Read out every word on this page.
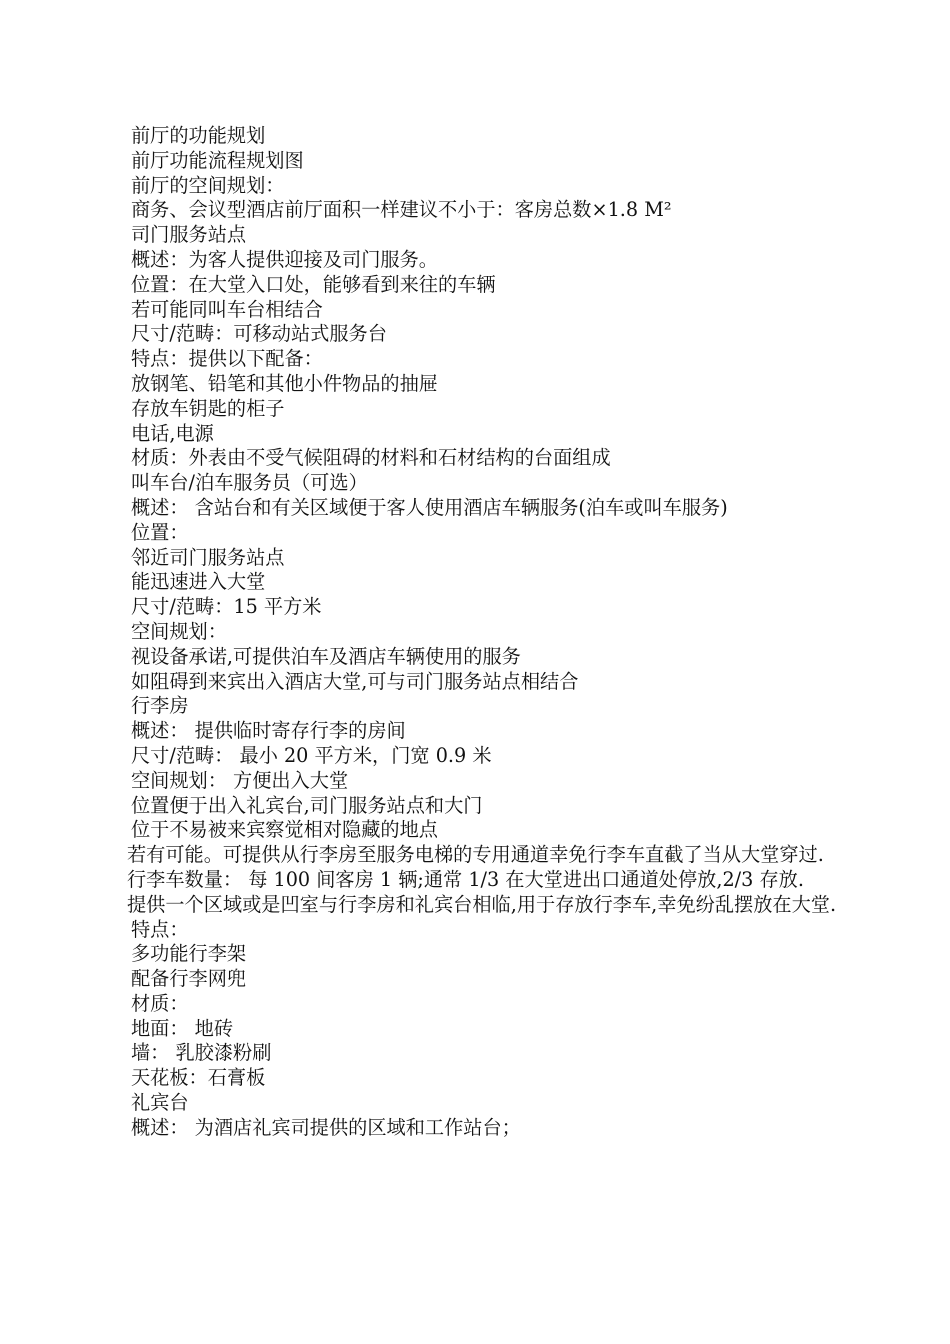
前厅的功能规划
前厅功能流程规划图
前厅的空间规划：
商务、会议型酒店前厅面积一样建议不小于：客房总数×1.8 M²
司门服务站点
概述：为客人提供迎接及司门服务。
位置：在大堂入口处，能够看到来往的车辆
若可能同叫车台相结合
尺寸/范畴：可移动站式服务台
特点：提供以下配备：
放钢笔、铅笔和其他小件物品的抽屉
存放车钥匙的柜子
电话,电源
材质：外表由不受气候阻碍的材料和石材结构的台面组成
叫车台/泊车服务员（可选）
概述： 含站台和有关区域便于客人使用酒店车辆服务(泊车或叫车服务)
位置：
邻近司门服务站点
能迅速进入大堂
尺寸/范畴：15 平方米
空间规划：
视设备承诺,可提供泊车及酒店车辆使用的服务
如阻碍到来宾出入酒店大堂,可与司门服务站点相结合
行李房
概述： 提供临时寄存行李的房间
尺寸/范畴： 最小 20 平方米，门宽 0.9 米
空间规划： 方便出入大堂
位置便于出入礼宾台,司门服务站点和大门
位于不易被来宾察觉相对隐藏的地点
若有可能。可提供从行李房至服务电梯的专用通道幸免行李车直截了当从大堂穿过.
行李车数量： 每 100 间客房 1 辆;通常 1/3 在大堂进出口通道处停放,2/3 存放.
提供一个区域或是凹室与行李房和礼宾台相临,用于存放行李车,幸免纷乱摆放在大堂.
特点：
多功能行李架
配备行李网兜
材质：
地面： 地砖
墙： 乳胶漆粉刷
天花板：石膏板
礼宾台
概述： 为酒店礼宾司提供的区域和工作站台；
